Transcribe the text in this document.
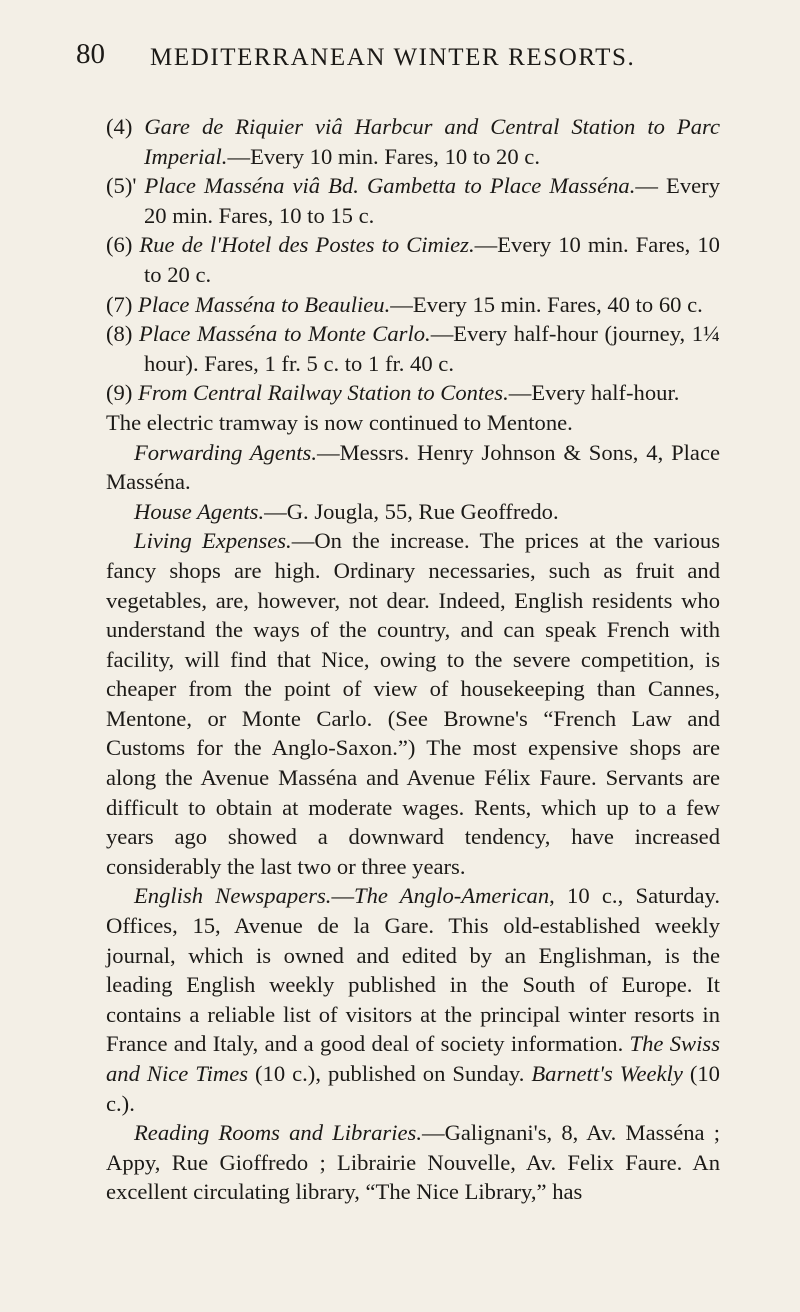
80 MEDITERRANEAN WINTER RESORTS.

(4) Gare de Riquier viâ Harbcur and Central Station to Parc Imperial.—Every 10 min. Fares, 10 to 20 c.

(5)' Place Masséna viâ Bd. Gambetta to Place Masséna.— Every 20 min. Fares, 10 to 15 c.

(6) Rue de l'Hotel des Postes to Cimiez.—Every 10 min. Fares, 10 to 20 c.

(7) Place Masséna to Beaulieu.—Every 15 min. Fares, 40 to 60 c.

(8) Place Masséna to Monte Carlo.—Every half-hour (journey, 1¼ hour). Fares, 1 fr. 5 c. to 1 fr. 40 c.

(9) From Central Railway Station to Contes.—Every half-hour.

The electric tramway is now continued to Mentone.

Forwarding Agents.—Messrs. Henry Johnson & Sons, 4, Place Masséna.

House Agents.—G. Jougla, 55, Rue Geoffredo.

Living Expenses.—On the increase. The prices at the various fancy shops are high. Ordinary necessaries, such as fruit and vegetables, are, however, not dear. Indeed, English residents who understand the ways of the country, and can speak French with facility, will find that Nice, owing to the severe competition, is cheaper from the point of view of housekeeping than Cannes, Mentone, or Monte Carlo. (See Browne's “French Law and Customs for the Anglo-Saxon.”) The most expensive shops are along the Avenue Masséna and Avenue Félix Faure. Servants are difficult to obtain at moderate wages. Rents, which up to a few years ago showed a downward tendency, have increased considerably the last two or three years.

English Newspapers.—The Anglo-American, 10 c., Saturday. Offices, 15, Avenue de la Gare. This old-established weekly journal, which is owned and edited by an Englishman, is the leading English weekly published in the South of Europe. It contains a reliable list of visitors at the principal winter resorts in France and Italy, and a good deal of society information. The Swiss and Nice Times (10 c.), published on Sunday. Barnett's Weekly (10 c.).

Reading Rooms and Libraries.—Galignani's, 8, Av. Masséna ; Appy, Rue Gioffredo ; Librairie Nouvelle, Av. Felix Faure. An excellent circulating library, “The Nice Library,” has
